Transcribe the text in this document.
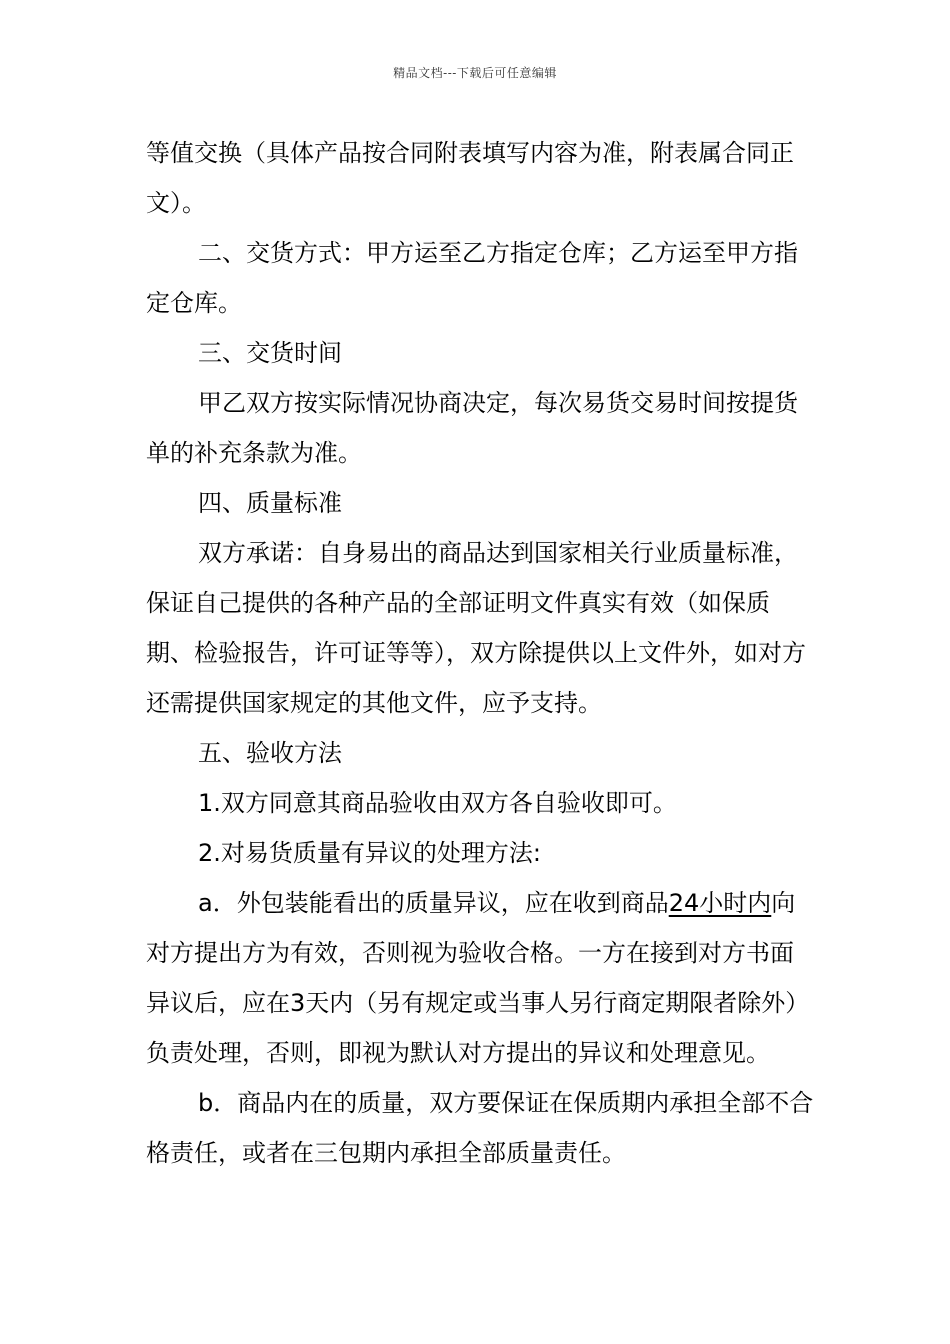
精品文档---下载后可任意编辑

等值交换（具体产品按合同附表填写内容为准，附表属合同正文）。

二、交货方式：甲方运至乙方指定仓库；乙方运至甲方指定仓库。

三、交货时间

甲乙双方按实际情况协商决定，每次易货交易时间按提货单的补充条款为准。

四、质量标准

双方承诺：自身易出的商品达到国家相关行业质量标准，保证自己提供的各种产品的全部证明文件真实有效（如保质期、检验报告，许可证等等），双方除提供以上文件外，如对方还需提供国家规定的其他文件，应予支持。

五、验收方法

1.双方同意其商品验收由双方各自验收即可。

2.对易货质量有异议的处理方法:

a．外包装能看出的质量异议，应在收到商品24小时内向对方提出方为有效，否则视为验收合格。一方在接到对方书面异议后，应在3天内（另有规定或当事人另行商定期限者除外）负责处理，否则，即视为默认对方提出的异议和处理意见。

b．商品内在的质量，双方要保证在保质期内承担全部不合格责任，或者在三包期内承担全部质量责任。
